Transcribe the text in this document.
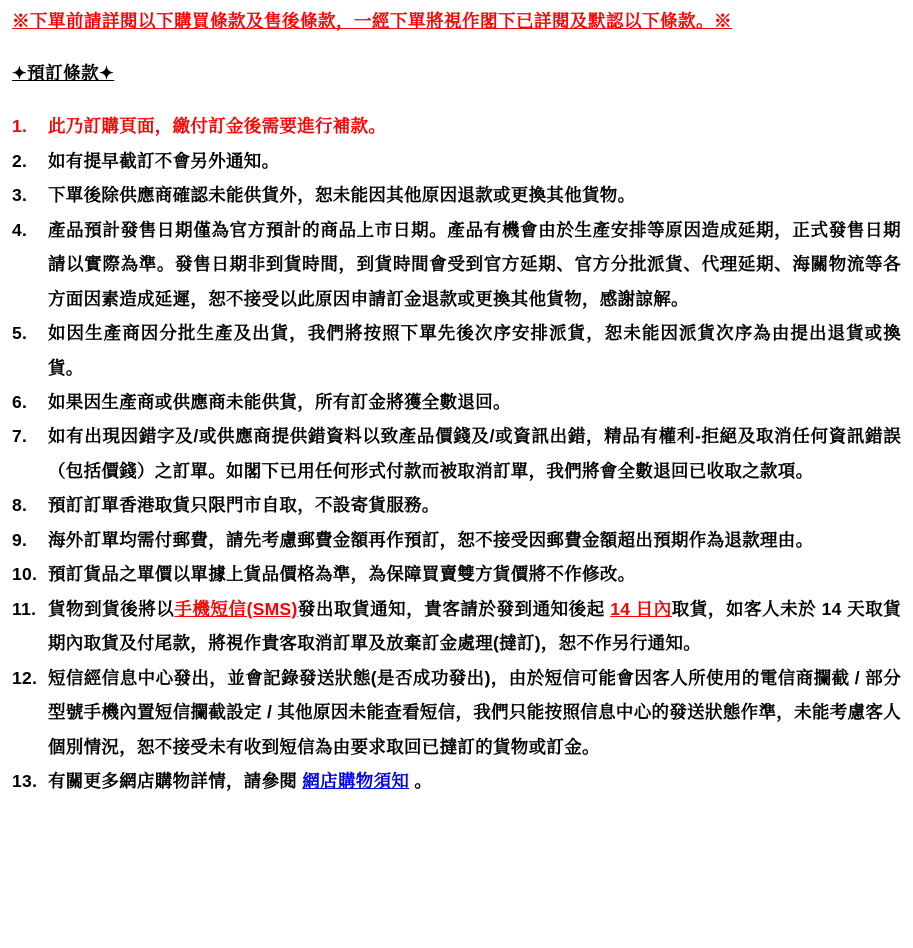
※下單前請詳閱以下購買條款及售後條款，一經下單將視作閣下已詳閱及默認以下條款。※
✦預訂條款✦
1.	此乃訂購頁面，繳付訂金後需要進行補款。
2.	如有提早截訂不會另外通知。
3.	下單後除供應商確認未能供貨外，恕未能因其他原因退款或更換其他貨物。
4.	產品預計發售日期僅為官方預計的商品上市日期。產品有機會由於生產安排等原因造成延期，正式發售日期請以實際為準。發售日期非到貨時間，到貨時間會受到官方延期、官方分批派貨、代理延期、海關物流等各方面因素造成延遲，恕不接受以此原因申請訂金退款或更換其他貨物，感謝諒解。
5.	如因生產商因分批生產及出貨，我們將按照下單先後次序安排派貨，恕未能因派貨次序為由提出退貨或換貨。
6.	如果因生產商或供應商未能供貨，所有訂金將獲全數退回。
7.	如有出現因錯字及/或供應商提供錯資料以致產品價錢及/或資訊出錯，精品有權利-拒絕及取消任何資訊錯誤（包括價錢）之訂單。如閣下已用任何形式付款而被取消訂單，我們將會全數退回已收取之款項。
8.	預訂訂單香港取貨只限門市自取，不設寄貨服務。
9.	海外訂單均需付郵費，請先考慮郵費金額再作預訂，恕不接受因郵費金額超出預期作為退款理由。
10. 預訂貨品之單價以單據上貨品價格為準，為保障買賣雙方貨價將不作修改。
11. 貨物到貨後將以手機短信(SMS)發出取貨通知，貴客請於發到通知後起 14 日內取貨，如客人未於 14 天取貨期內取貨及付尾款，將視作貴客取消訂單及放棄訂金處理(撻訂)，恕不作另行通知。
12. 短信經信息中心發出，並會記錄發送狀態(是否成功發出)，由於短信可能會因客人所使用的電信商攔截 / 部分型號手機內置短信攔截設定 / 其他原因未能查看短信，我們只能按照信息中心的發送狀態作準，未能考慮客人個別情況，恕不接受未有收到短信為由要求取回已撻訂的貨物或訂金。
13. 有關更多網店購物詳情，請參閱 網店購物須知 。
